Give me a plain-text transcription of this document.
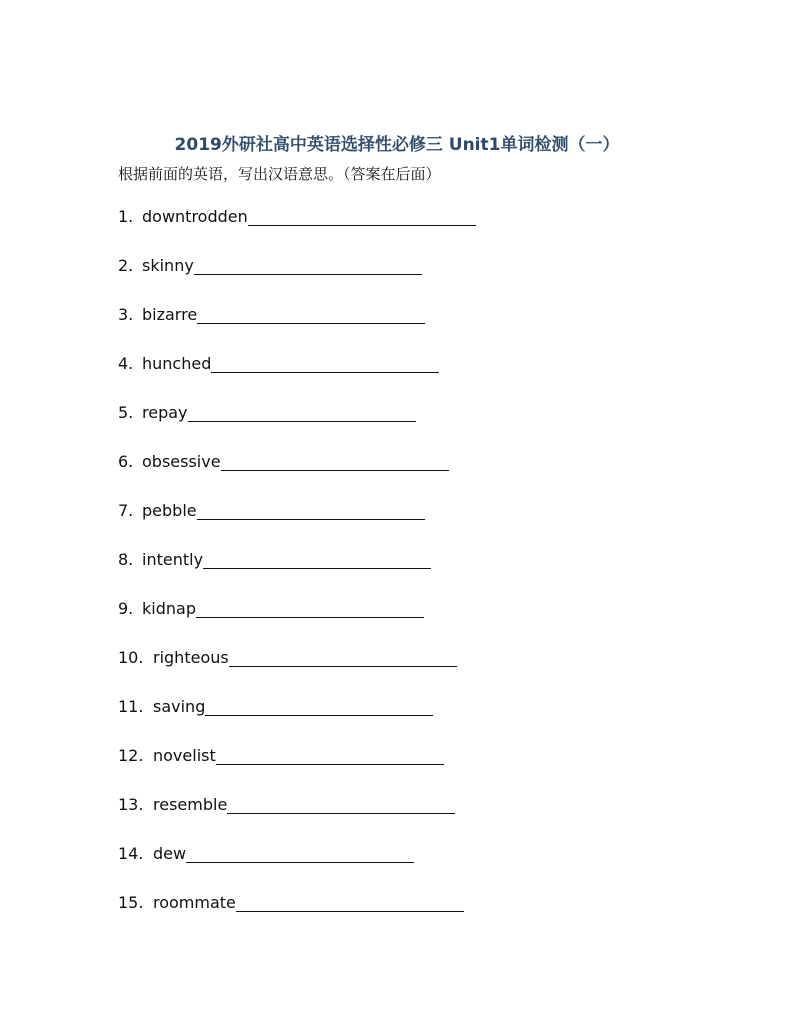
2019外研社高中英语选择性必修三 Unit1单词检测（一）
根据前面的英语，写出汉语意思。（答案在后面）
1. downtrodden
2. skinny
3. bizarre
4. hunched
5. repay
6. obsessive
7. pebble
8. intently
9. kidnap
10. righteous
11. saving
12. novelist
13. resemble
14. dew
15. roommate
